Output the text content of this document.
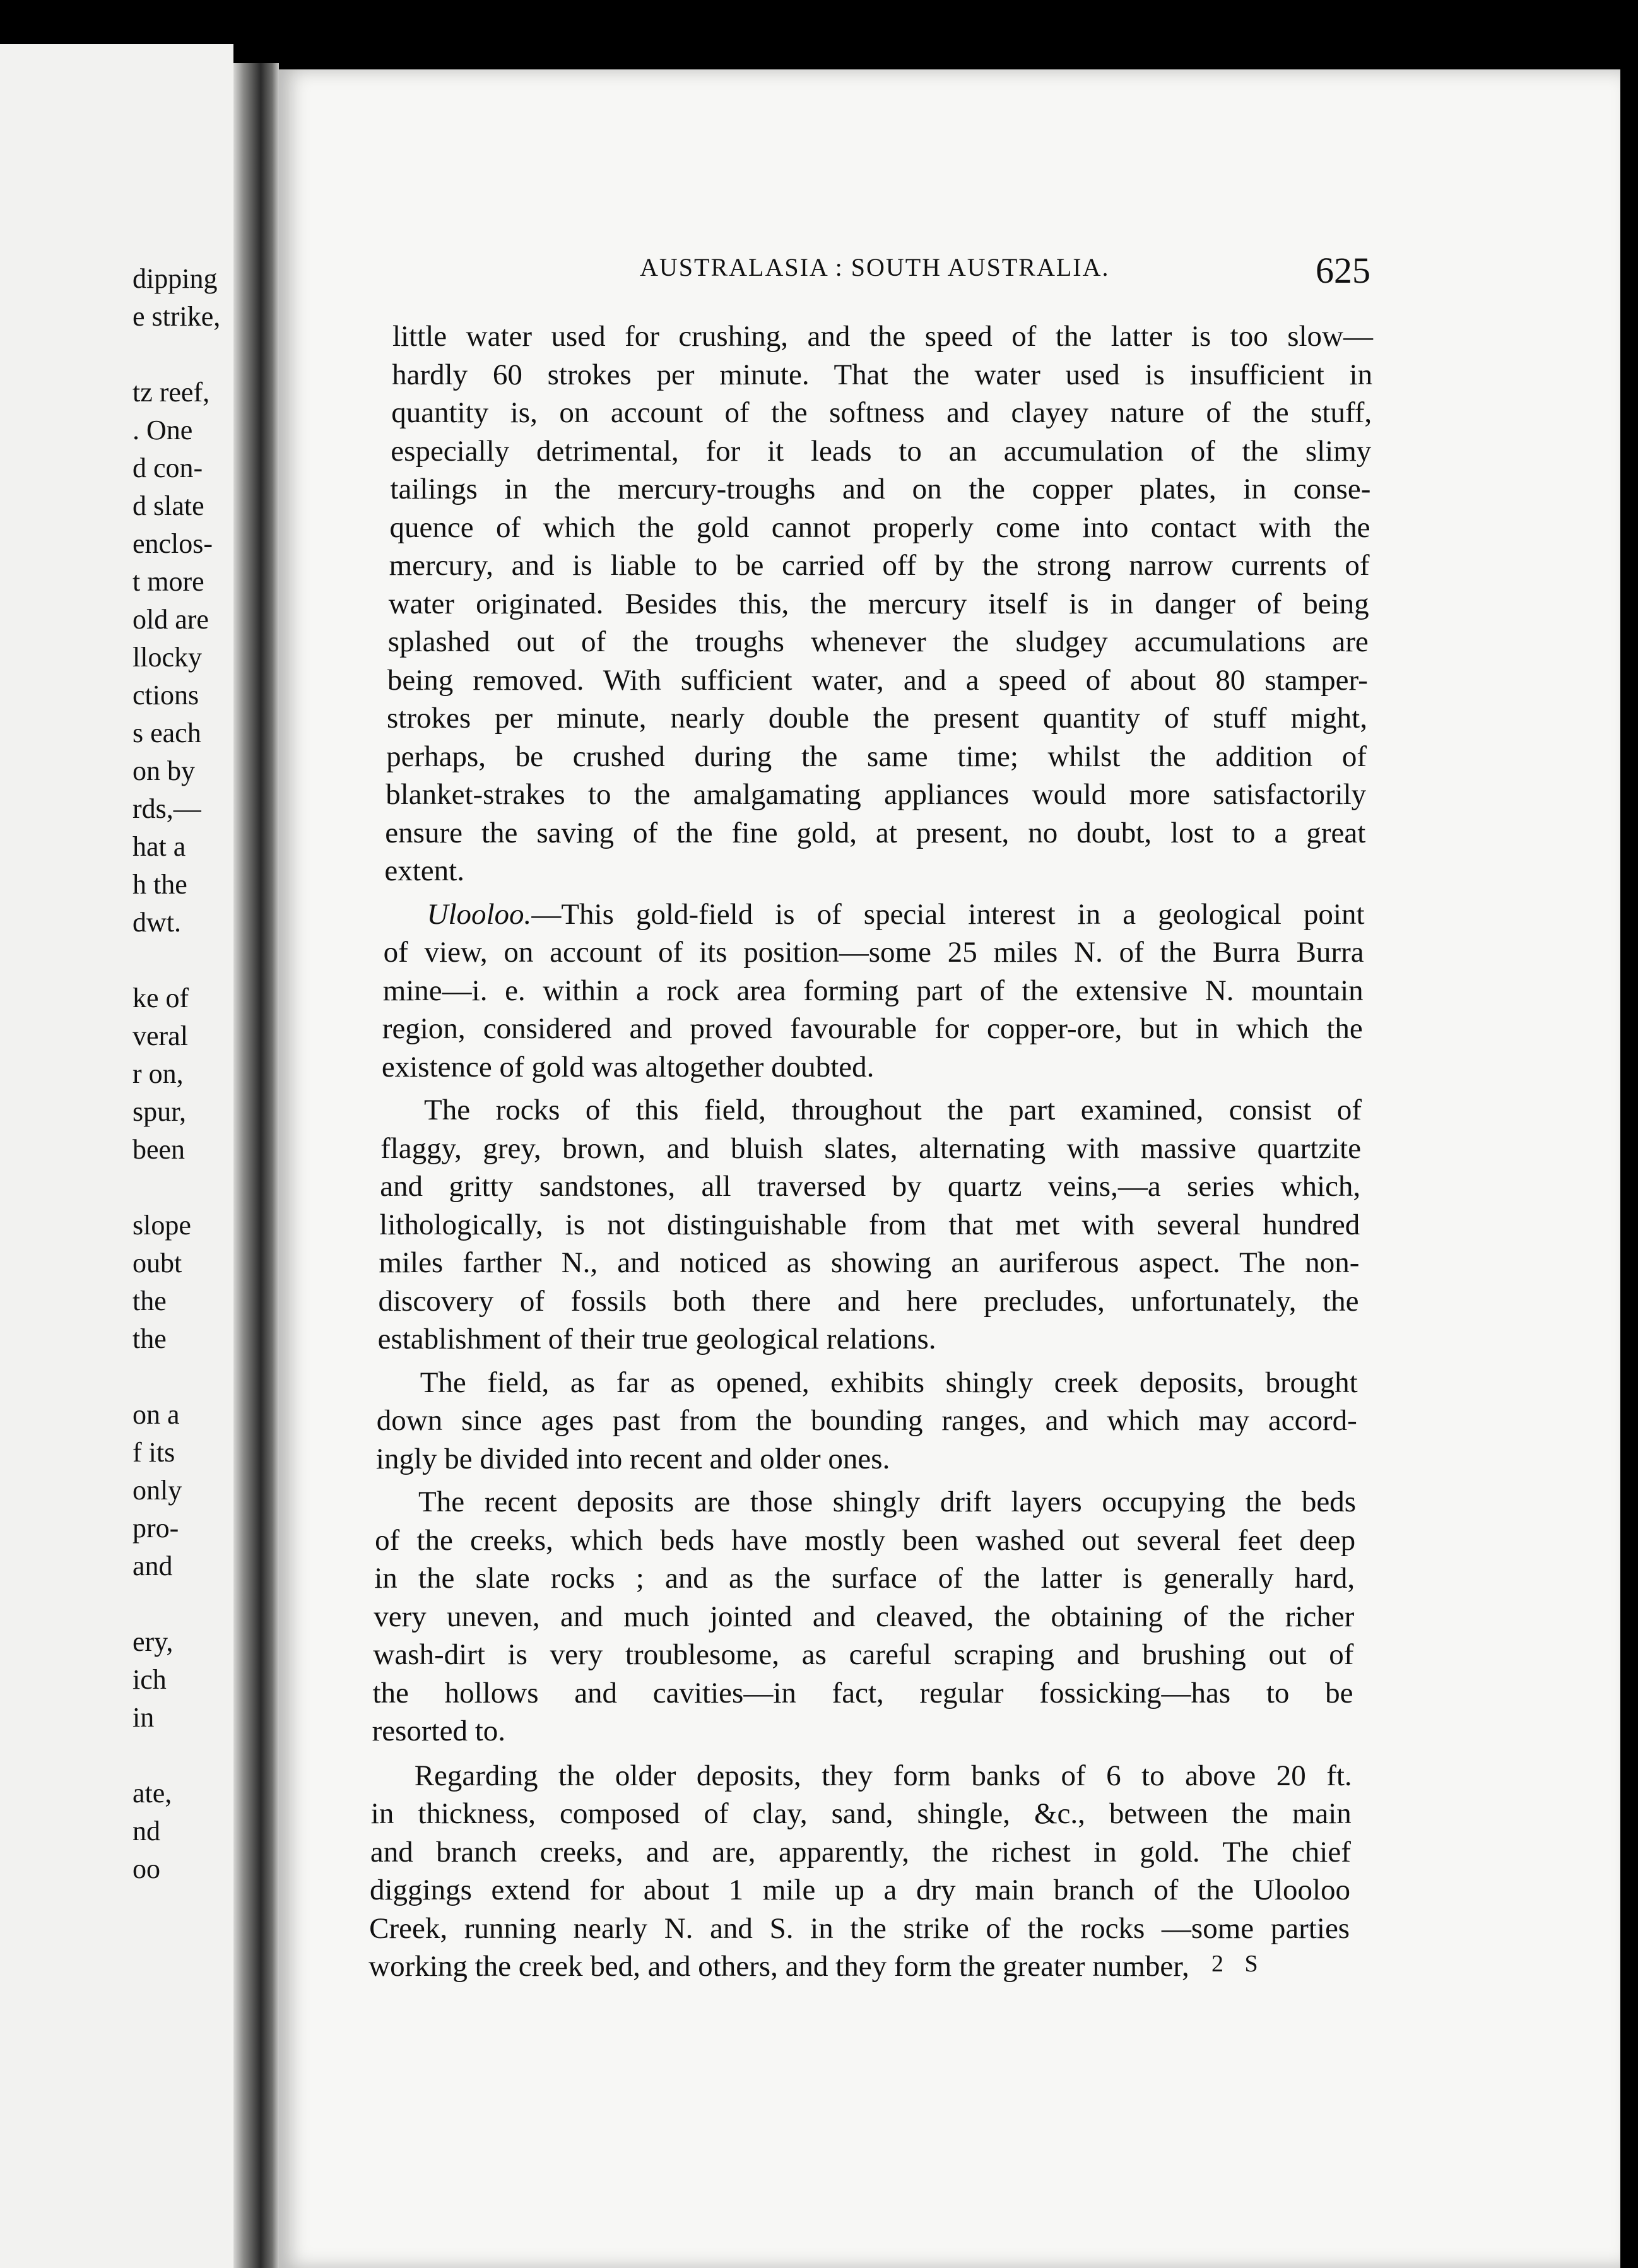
dipping
e strike,
tz reef,
. One
d con-
d slate
enclos-
t more
old are
llocky
ctions
s each
on by
rds,—
hat a
h the
dwt.
ke of
veral
r on,
spur,
been
slope
oubt
the
the
on a
f its
only
pro-
and
ery,
ich
in
ate,
nd
oo
AUSTRALASIA : SOUTH AUSTRALIA.	625
little water used for crushing, and the speed of the latter is too slow—
hardly 60 strokes per minute. That the water used is insufficient in
quantity is, on account of the softness and clayey nature of the stuff,
especially detrimental, for it leads to an accumulation of the slimy
tailings in the mercury-troughs and on the copper plates, in conse-
quence of which the gold cannot properly come into contact with the
mercury, and is liable to be carried off by the strong narrow currents of
water originated. Besides this, the mercury itself is in danger of being
splashed out of the troughs whenever the sludgey accumulations are
being removed. With sufficient water, and a speed of about 80 stamper-
strokes per minute, nearly double the present quantity of stuff might,
perhaps, be crushed during the same time; whilst the addition of
blanket-strakes to the amalgamating appliances would more satisfactorily
ensure the saving of the fine gold, at present, no doubt, lost to a great
extent.
Ulooloo.—This gold-field is of special interest in a geological point
of view, on account of its position—some 25 miles N. of the Burra Burra
mine—i. e. within a rock area forming part of the extensive N. mountain
region, considered and proved favourable for copper-ore, but in which the
existence of gold was altogether doubted.
The rocks of this field, throughout the part examined, consist of
flaggy, grey, brown, and bluish slates, alternating with massive quartzite
and gritty sandstones, all traversed by quartz veins,—a series which,
lithologically, is not distinguishable from that met with several hundred
miles farther N., and noticed as showing an auriferous aspect. The non-
discovery of fossils both there and here precludes, unfortunately, the
establishment of their true geological relations.
The field, as far as opened, exhibits shingly creek deposits, brought
down since ages past from the bounding ranges, and which may accord-
ingly be divided into recent and older ones.
The recent deposits are those shingly drift layers occupying the beds
of the creeks, which beds have mostly been washed out several feet deep
in the slate rocks ; and as the surface of the latter is generally hard,
very uneven, and much jointed and cleaved, the obtaining of the richer
wash-dirt is very troublesome, as careful scraping and brushing out of
the hollows and cavities—in fact, regular fossicking—has to be
resorted to.
Regarding the older deposits, they form banks of 6 to above 20 ft.
in thickness, composed of clay, sand, shingle, &c., between the main
and branch creeks, and are, apparently, the richest in gold. The chief
diggings extend for about 1 mile up a dry main branch of the Ulooloo
Creek, running nearly N. and S. in the strike of the rocks —some parties
working the creek bed, and others, and they form the greater number, 2 S
